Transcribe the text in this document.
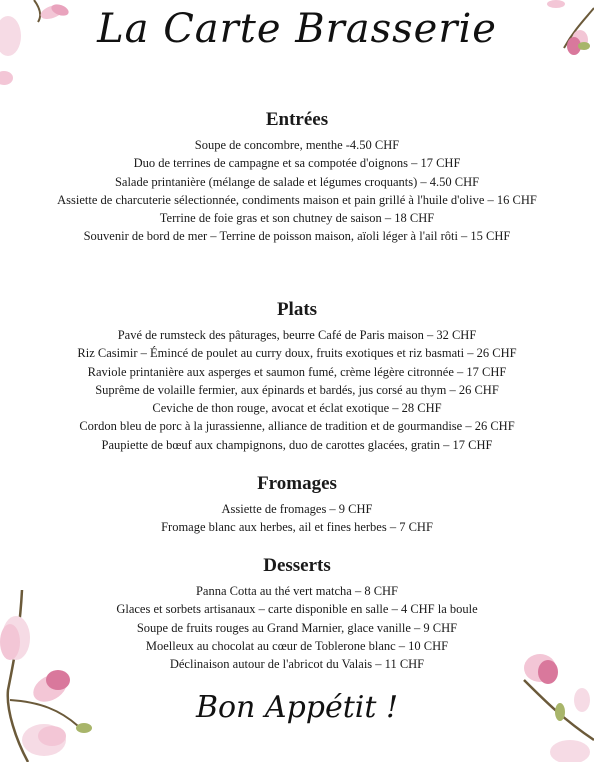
La Carte Brasserie
Entrées
Soupe de concombre, menthe -4.50 CHF
Duo de terrines de campagne et sa compotée d'oignons – 17 CHF
Salade printanière (mélange de salade et légumes croquants) – 4.50 CHF
Assiette de charcuterie sélectionnée, condiments maison et pain grillé à l'huile d'olive – 16 CHF
Terrine de foie gras et son chutney de saison – 18 CHF
Souvenir de bord de mer – Terrine de poisson maison, aïoli léger à l'ail rôti – 15 CHF
Plats
Pavé de rumsteck des pâturages, beurre Café de Paris maison – 32 CHF
Riz Casimir – Émincé de poulet au curry doux, fruits exotiques et riz basmati – 26 CHF
Raviole printanière aux asperges et saumon fumé, crème légère citronnée – 17 CHF
Suprême de volaille fermier, aux épinards et bardés, jus corsé au thym – 26 CHF
Ceviche de thon rouge, avocat et éclat exotique – 28 CHF
Cordon bleu de porc à la jurassienne, alliance de tradition et de gourmandise – 26 CHF
Paupiette de bœuf aux champignons, duo de carottes glacées, gratin – 17 CHF
Fromages
Assiette de fromages – 9 CHF
Fromage blanc aux herbes, ail et fines herbes – 7 CHF
Desserts
Panna Cotta au thé vert matcha – 8 CHF
Glaces et sorbets artisanaux – carte disponible en salle – 4 CHF la boule
Soupe de fruits rouges au Grand Marnier, glace vanille – 9 CHF
Moelleux au chocolat au cœur de Toblerone blanc – 10 CHF
Déclinaison autour de l'abricot du Valais – 11 CHF
Bon Appétit !
